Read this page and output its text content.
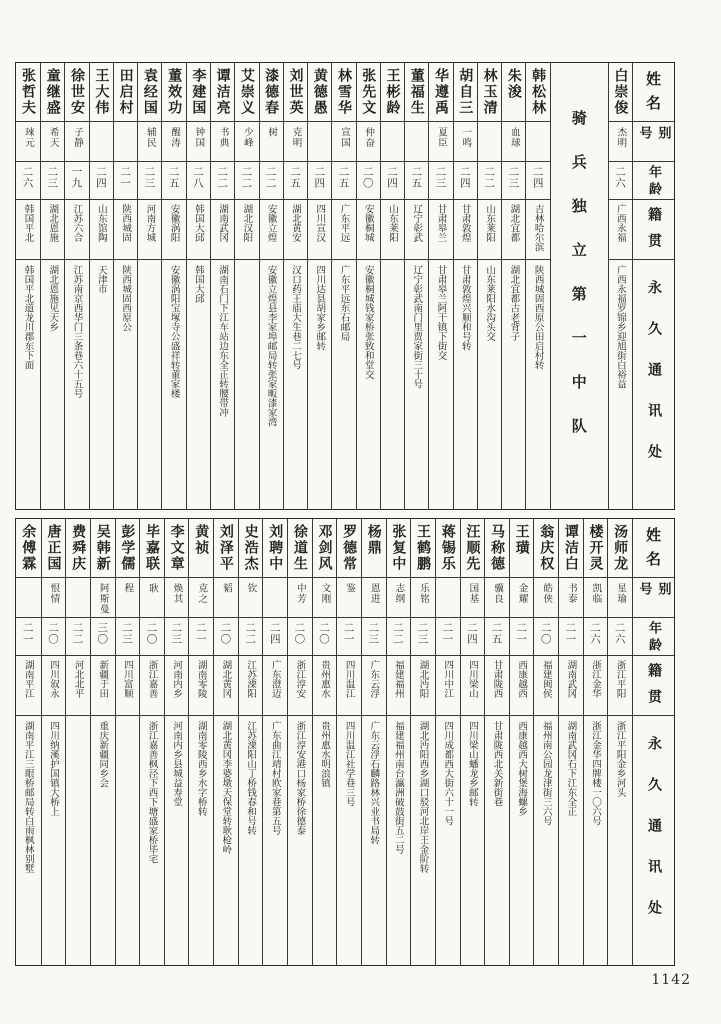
姓名
别号
年龄
籍贯
永久通讯处
白崇俊
杰明
二六
广西永福
广西永福罗锦乡迎旭街白裕益
骑兵独立第一中队
韩松林
二四
吉林哈尔滨
陕西城固西原公田启村转
朱浚
血球
二三
湖北宜都
湖北宜都古老背子
林玉清
二二
山东莱阳
山东莱阳水沟头交
胡自三
一鸣
二四
甘肃敦煌
甘肃敦煌兴顺和号转
华遵禹
夏臣
二三
甘肃皋兰
甘肃皋兰阿干镇下街交
董福生
二五
辽宁彰武
辽宁彰武南门里贾家街三十号
王彬龄
二四
山东莱阳
张先文
仲奋
二〇
安徽桐城
安徽桐城钱家桥张致和堂交
林雪华
宣国
二五
广东平远
广东平远东石邮局
黄德愚
二四
四川宣汉
四川达县胡家乡邮转
刘世英
克明
二五
湖北黄安
汉口药王庙大生巷二七号
漆德春
树
二二
安徽立煌
安徽立煌县李家埠邮局转张家畈漆家湾
艾崇义
少峰
二二
湖北汉阳
谭洁亮
书典
二二
湖南武冈
湖南石门下江车站边东全正转腰带冲
李建国
钟国
二八
韩国大邱
韩国大邱
董效功
醒涛
二五
安徽涡阳
安徽涡阳宝塚寺公盛祥转董家楼
袁经国
辅民
二三
河南方城
田启村
二一
陕西城固
陕西城固西原公
王大伟
二四
山东馆陶
天津市
徐世安
子静
一九
江苏六合
江苏南京西华门三条巷六十五号
童继盛
希天
二三
湖北恩施
湖北恩施见天乡
张哲夫
琜元
二六
韩国平北
韩国平北道龙川郡东下面
姓名
别号
年龄
籍贯
永久通讯处
汤师龙
星瑜
二六
浙江平阳
浙江平阳金乡河头
楼开灵
凯临
二六
浙江金华
浙江金华四牌楼一〇六号
谭洁白
书泰
二一
湖南武冈
湖南武冈石下江东全正
翁庆权
皓侠
二〇
福建闽侯
福州南公园龙津街三六号
王璜
金耀
二一
西康越西
西康越西大树堡海螺乡
马称德
骥良
二五
甘肃陇西
甘肃陇西北关新街巷
汪顺先
国基
二四
四川梁山
四川梁山蟠龙乡邮转
蒋锡乐
二一
四川中江
四川成都西大街六十一号
王鹤鹏
乐铭
二三
湖北沔阳
湖北沔阳西乡湖口驳河北岸王金阶转
张复中
志纲
二二
福建福州
福建福州南台瀛洲破鼓街五二号
杨鼎
恩进
二三
广东云浮
广东云浮石麟路林兴业书局转
罗德常
鉴
二一
四川温江
四川温江社学巷三号
邓剑风
文刚
二〇
贵州惠水
贵州惠水明浪镇
徐道生
中芳
二〇
浙江淳安
浙江淳安港口杨家桥徐德泰
刘聘中
二四
广东澄迈
广东曲江靖村欧家巷第五号
史浩杰
钦
二二
江苏溧阳
江苏溧阳山丁桥钱春和号转
刘泽平
韬
二〇
湖北黄冈
湖北黄冈李婆墩天保堂转耿枪岭
黄祯
克之
二一
湖南零陵
湖南零陵西乡水字桥转
李文章
焕其
二三
河南内乡
河南内乡县城益寿堂
毕嘉联
耿
二〇
浙江嘉善
浙江嘉善枫泾下西下塘盛家桥毕宅
彭学儒
程
二三
四川富顺
吴韩新
阿斯曼
三〇
新疆于田
重庆新疆同乡会
费舜庆
二二
河北北平
唐正国
恨情
二〇
四川叙永
四川纳溪护国镇大桥上
余傅霖
二一
湖南平江
湖南平江三眼桥邮局转白雨枫林别墅
1142
